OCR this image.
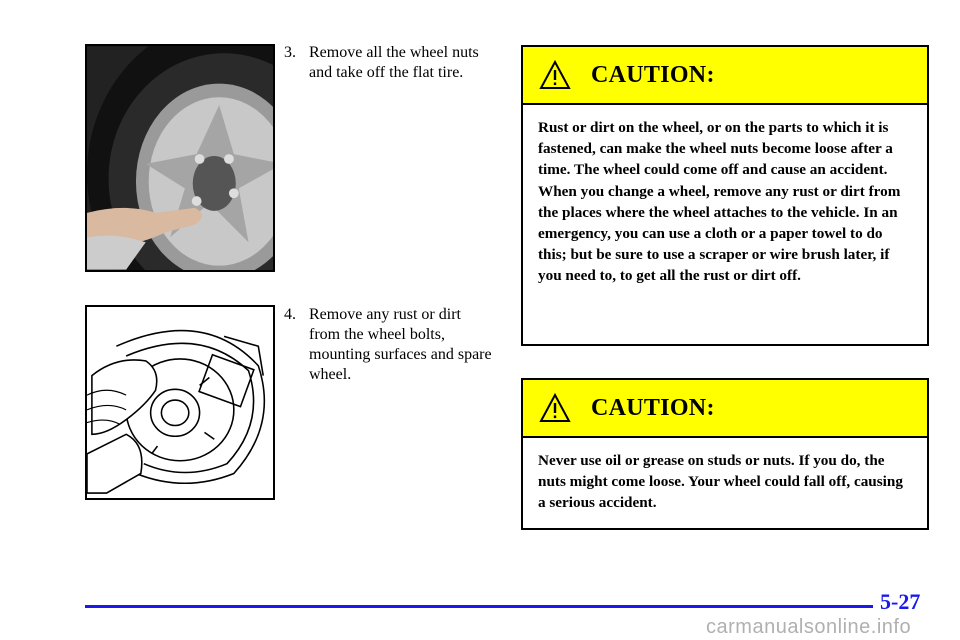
3. Remove all the wheel nuts and take off the flat tire.
4. Remove any rust or dirt from the wheel bolts, mounting surfaces and spare wheel.
CAUTION:
Rust or dirt on the wheel, or on the parts to which it is fastened, can make the wheel nuts become loose after a time. The wheel could come off and cause an accident. When you change a wheel, remove any rust or dirt from the places where the wheel attaches to the vehicle. In an emergency, you can use a cloth or a paper towel to do this; but be sure to use a scraper or wire brush later, if you need to, to get all the rust or dirt off.
CAUTION:
Never use oil or grease on studs or nuts. If you do, the nuts might come loose. Your wheel could fall off, causing a serious accident.
5-27
carmanualsonline.info
